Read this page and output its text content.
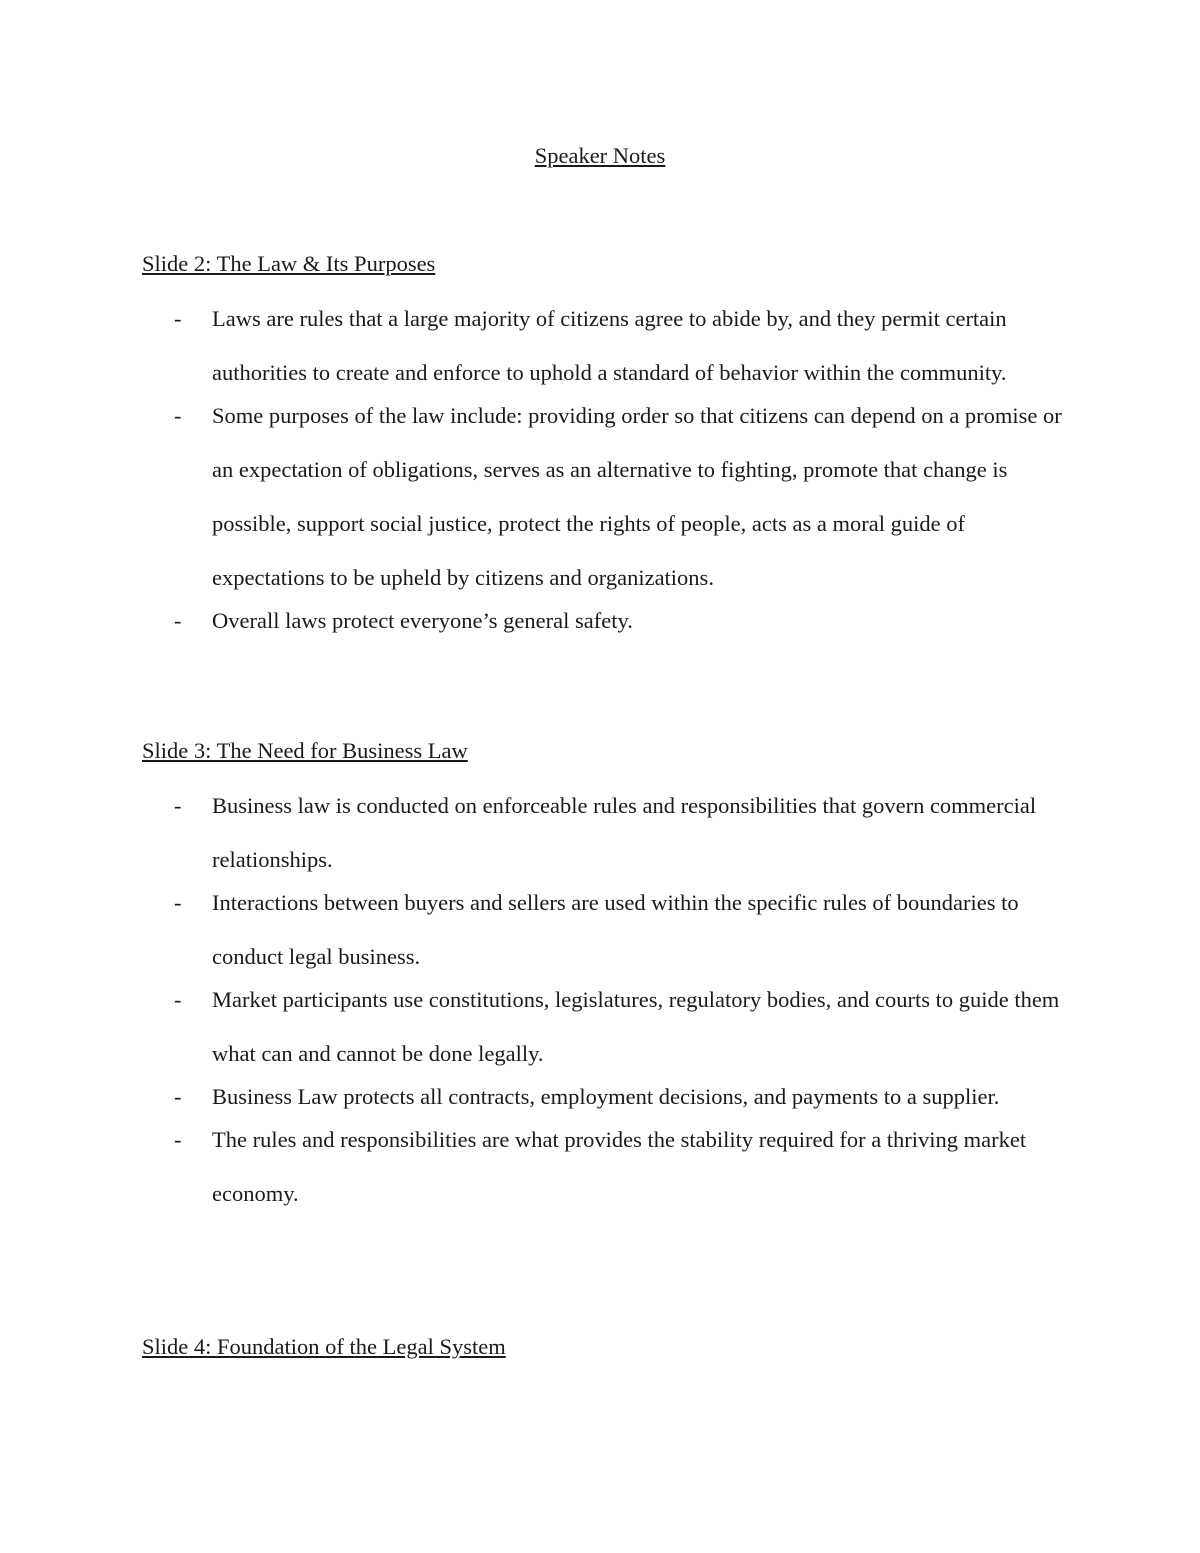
Speaker Notes
Slide 2: The Law & Its Purposes
- Laws are rules that a large majority of citizens agree to abide by, and they permit certain authorities to create and enforce to uphold a standard of behavior within the community.
- Some purposes of the law include: providing order so that citizens can depend on a promise or an expectation of obligations, serves as an alternative to fighting, promote that change is possible, support social justice, protect the rights of people, acts as a moral guide of expectations to be upheld by citizens and organizations.
- Overall laws protect everyone’s general safety.
Slide 3: The Need for Business Law
- Business law is conducted on enforceable rules and responsibilities that govern commercial relationships.
- Interactions between buyers and sellers are used within the specific rules of boundaries to conduct legal business.
- Market participants use constitutions, legislatures, regulatory bodies, and courts to guide them what can and cannot be done legally.
- Business Law protects all contracts, employment decisions, and payments to a supplier.
- The rules and responsibilities are what provides the stability required for a thriving market economy.
Slide 4: Foundation of the Legal System
